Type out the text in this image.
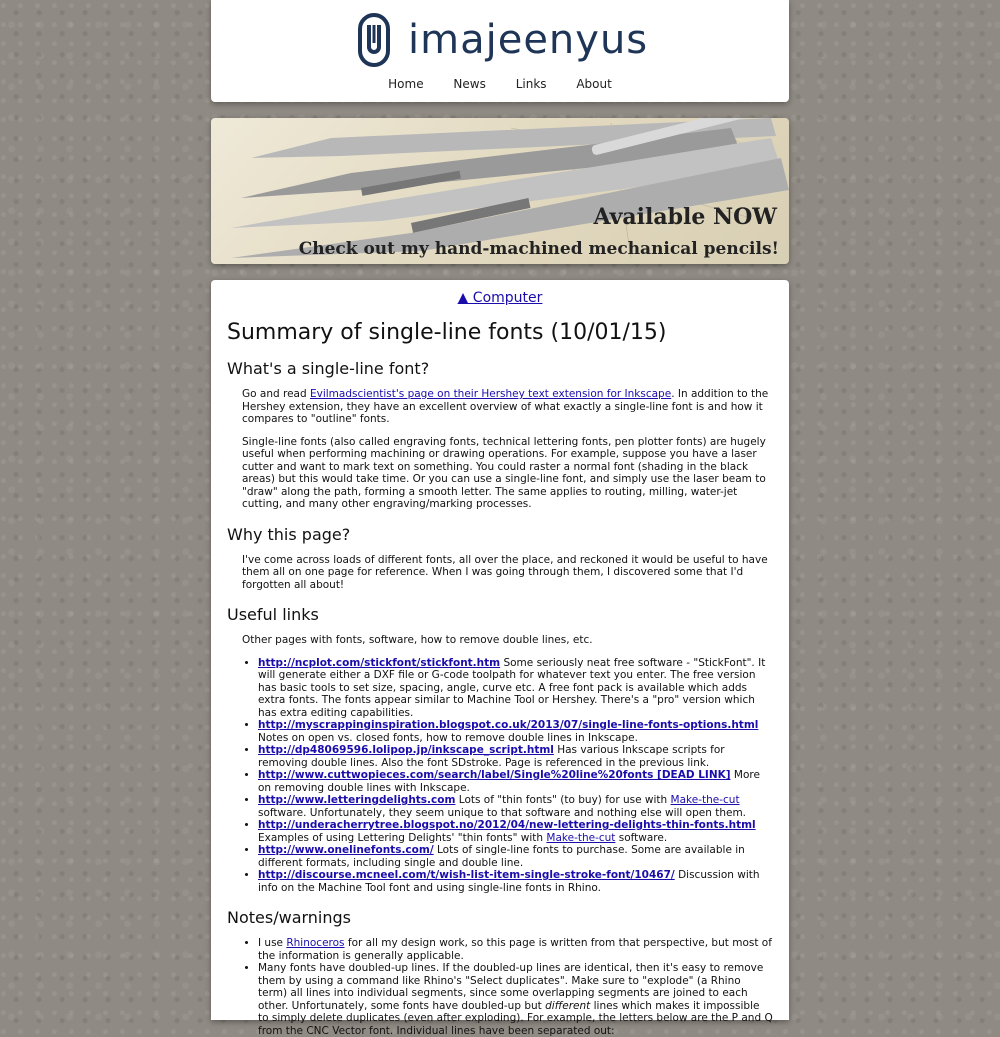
imajeenyus
Home News Links About
Available NOW
Check out my hand-machined mechanical pencils!
▲ Computer
Summary of single-line fonts (10/01/15)
What's a single-line font?

Go and read Evilmadscientist's page on their Hershey text extension for Inkscape. In addition to the Hershey extension, they have an excellent overview of what exactly a single-line font is and how it compares to "outline" fonts.

Single-line fonts (also called engraving fonts, technical lettering fonts, pen plotter fonts) are hugely useful when performing machining or drawing operations. For example, suppose you have a laser cutter and want to mark text on something. You could raster a normal font (shading in the black areas) but this would take time. Or you can use a single-line font, and simply use the laser beam to "draw" along the path, forming a smooth letter. The same applies to routing, milling, water-jet cutting, and many other engraving/marking processes.

Why this page?

I've come across loads of different fonts, all over the place, and reckoned it would be useful to have them all on one page for reference. When I was going through them, I discovered some that I'd forgotten all about!

Useful links

Other pages with fonts, software, how to remove double lines, etc.

• http://ncplot.com/stickfont/stickfont.htm Some seriously neat free software - "StickFont". It will generate either a DXF file or G-code toolpath for whatever text you enter. The free version has basic tools to set size, spacing, angle, curve etc. A free font pack is available which adds extra fonts. The fonts appear similar to Machine Tool or Hershey. There's a "pro" version which has extra editing capabilities.
• http://myscrappinginspiration.blogspot.co.uk/2013/07/single-line-fonts-options.html Notes on open vs. closed fonts, how to remove double lines in Inkscape.
• http://dp48069596.lolipop.jp/inkscape_script.html Has various Inkscape scripts for removing double lines. Also the font SDstroke. Page is referenced in the previous link.
• http://www.cuttwopieces.com/search/label/Single%20line%20fonts [DEAD LINK] More on removing double lines with Inkscape.
• http://www.letteringdelights.com Lots of "thin fonts" (to buy) for use with Make-the-cut software. Unfortunately, they seem unique to that software and nothing else will open them.
• http://underacherrytree.blogspot.no/2012/04/new-lettering-delights-thin-fonts.html Examples of using Lettering Delights' "thin fonts" with Make-the-cut software.
• http://www.onelinefonts.com/ Lots of single-line fonts to purchase. Some are available in different formats, including single and double line.
• http://discourse.mcneel.com/t/wish-list-item-single-stroke-font/10467/ Discussion with info on the Machine Tool font and using single-line fonts in Rhino.
Notes/warnings
• I use Rhinoceros for all my design work, so this page is written from that perspective, but most of the information is generally applicable.
• Many fonts have doubled-up lines. If the doubled-up lines are identical, then it's easy to remove them by using a command like Rhino's "Select duplicates". Make sure to "explode" (a Rhino term) all lines into individual segments, since some overlapping segments are joined to each other. Unfortunately, some fonts have doubled-up but different lines which makes it impossible to simply delete duplicates (even after exploding). For example, the letters below are the P and Q from the CNC Vector font. Individual lines have been separated out:
